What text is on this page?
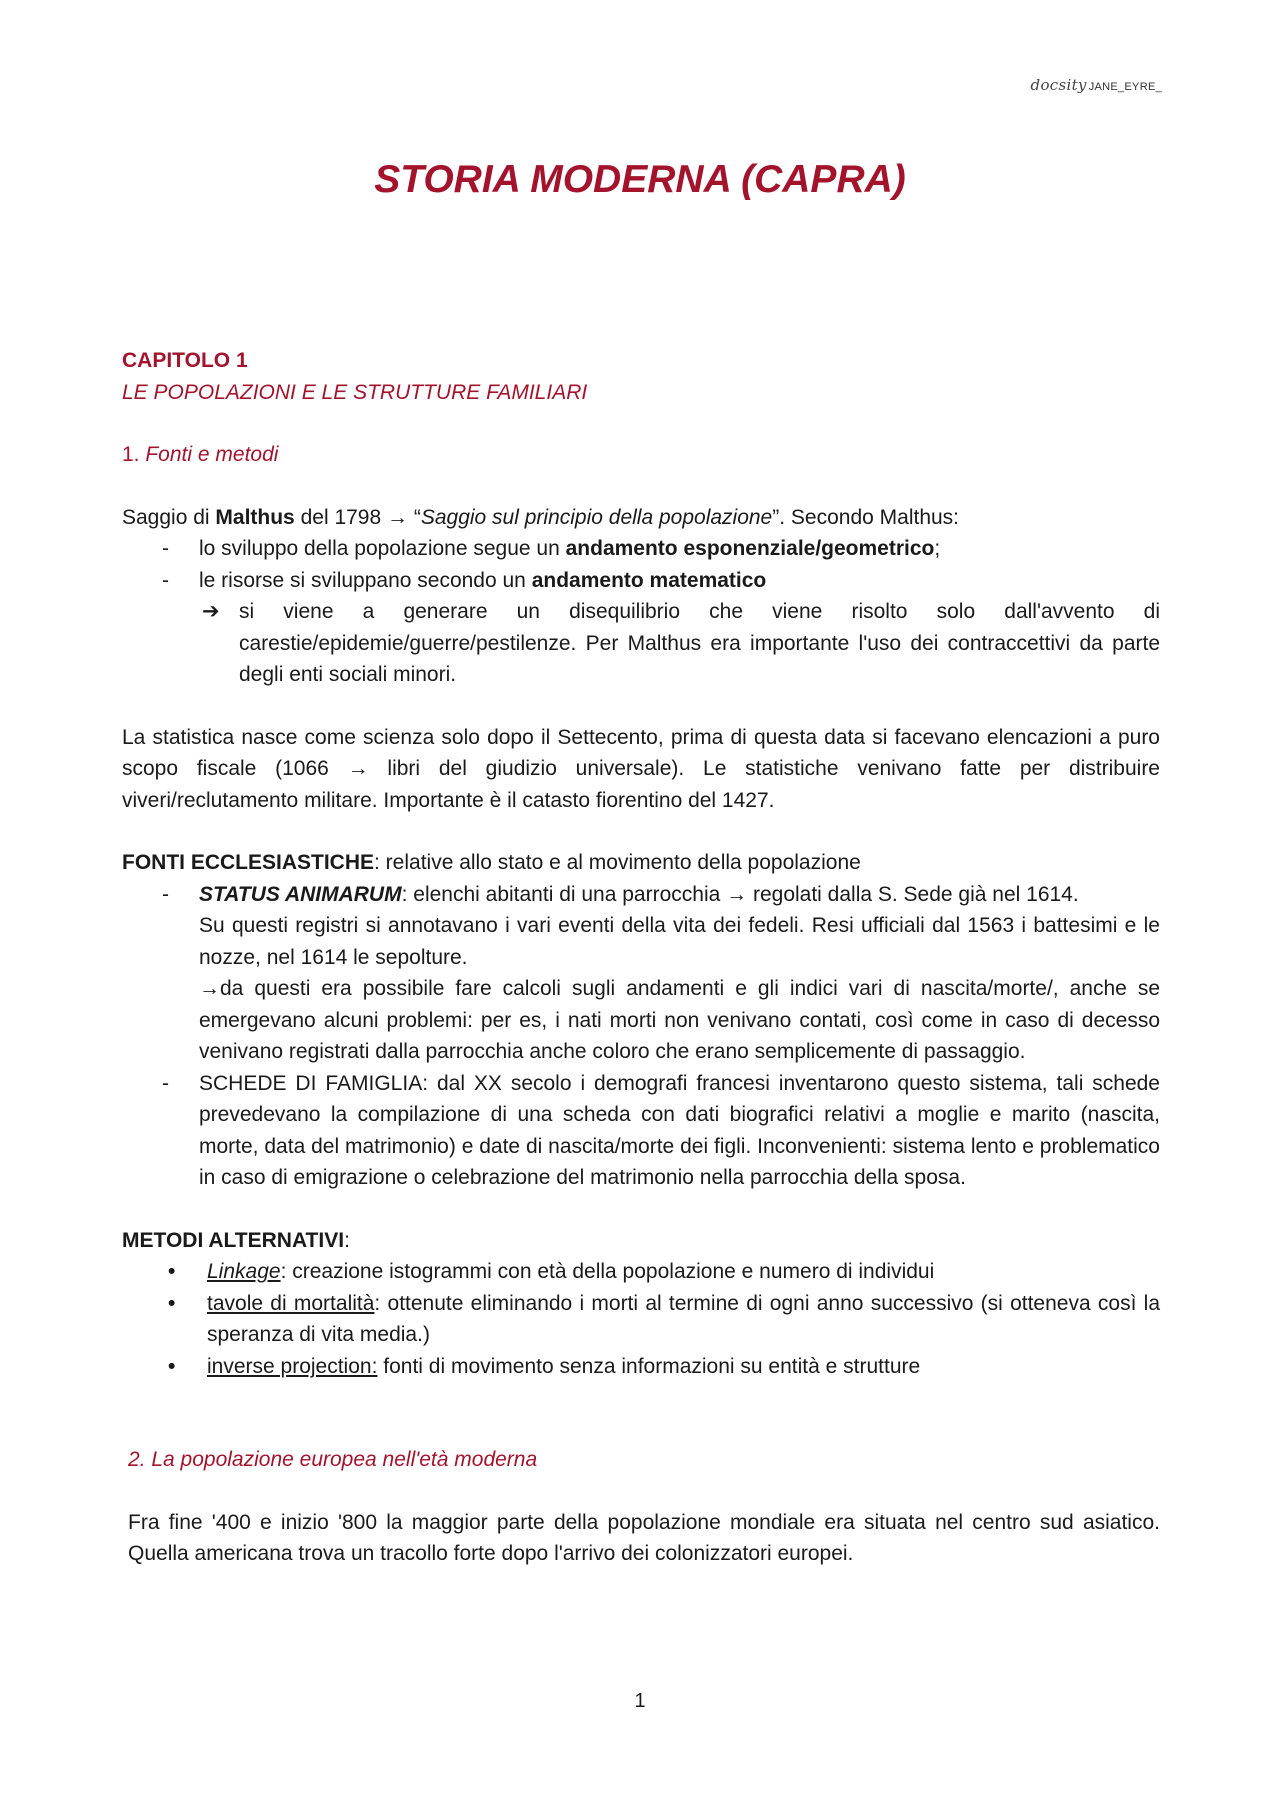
docsity JANE_EYRE_
STORIA MODERNA (CAPRA)
CAPITOLO 1
LE POPOLAZIONI E LE STRUTTURE FAMILIARI
1. Fonti e metodi

Saggio di Malthus del 1798 → “Saggio sul principio della popolazione”. Secondo Malthus:

- lo sviluppo della popolazione segue un andamento esponenziale/geometrico;
- le risorse si sviluppano secondo un andamento matematico
➔ si viene a generare un disequilibrio che viene risolto solo dall'avvento di carestie/epidemie/guerre/pestilenze. Per Malthus era importante l'uso dei contraccettivi da parte degli enti sociali minori.

La statistica nasce come scienza solo dopo il Settecento, prima di questa data si facevano elencazioni a puro scopo fiscale (1066 → libri del giudizio universale). Le statistiche venivano fatte per distribuire viveri/reclutamento militare. Importante è il catasto fiorentino del 1427.

FONTI ECCLESIASTICHE: relative allo stato e al movimento della popolazione
- STATUS ANIMARUM: elenchi abitanti di una parrocchia → regolati dalla S. Sede già nel 1614.
Su questi registri si annotavano i vari eventi della vita dei fedeli. Resi ufficiali dal 1563 i battesimi e le nozze, nel 1614 le sepolture.
→da questi era possibile fare calcoli sugli andamenti e gli indici vari di nascita/morte/, anche se emergevano alcuni problemi: per es, i nati morti non venivano contati, così come in caso di decesso venivano registrati dalla parrocchia anche coloro che erano semplicemente di passaggio.
- SCHEDE DI FAMIGLIA: dal XX secolo i demografi francesi inventarono questo sistema, tali schede prevedevano la compilazione di una scheda con dati biografici relativi a moglie e marito (nascita, morte, data del matrimonio) e date di nascita/morte dei figli. Inconvenienti: sistema lento e problematico in caso di emigrazione o celebrazione del matrimonio nella parrocchia della sposa.
METODI ALTERNATIVI:
• Linkage: creazione istogrammi con età della popolazione e numero di individui
• tavole di mortalità: ottenute eliminando i morti al termine di ogni anno successivo (si otteneva così la speranza di vita media.)
• inverse projection: fonti di movimento senza informazioni su entità e strutture
2. La popolazione europea nell'età moderna

Fra fine '400 e inizio '800 la maggior parte della popolazione mondiale era situata nel centro sud asiatico. Quella americana trova un tracollo forte dopo l'arrivo dei colonizzatori europei.

1
